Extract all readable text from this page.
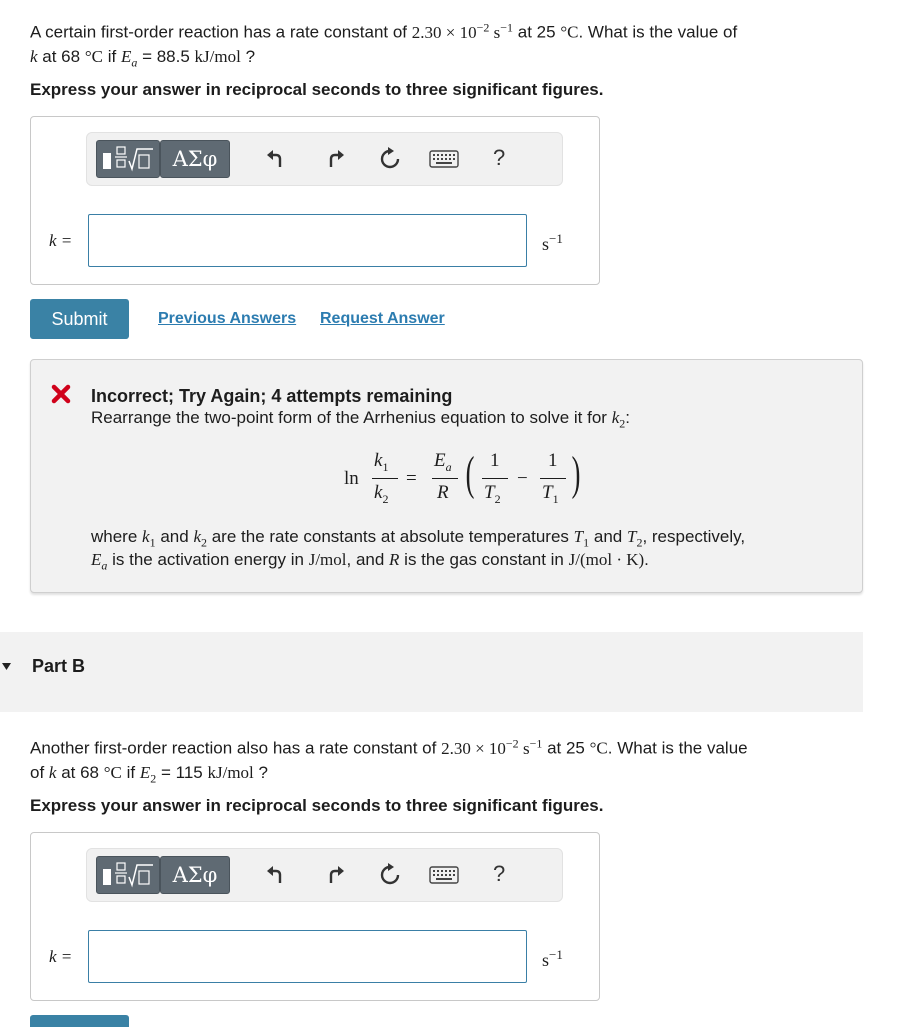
A certain first-order reaction has a rate constant of $2.30 \times 10^{-2}$ $s^{-1}$ at 25 °C. What is the value of
k at 68 °C if $E_a = 88.5$ kJ/mol ?
Express your answer in reciprocal seconds to three significant figures.
ΑΣφ	?
k =	$s^{-1}$
Submit	Previous Answers Request Answer
Incorrect; Try Again; 4 attempts remaining
Rearrange the two-point form of the Arrhenius equation to solve it for $k_2$:
ln
$k_1$
$k_2$
=
$E_a$
R ( 1
$T_2$
−
1
$T_1$ )
where $k_1$ and $k_2$ are the rate constants at absolute temperatures $T_1$ and $T_2$, respectively,
$E_a$ is the activation energy in J/mol, and R is the gas constant in J/(mol · K).
Part B
Another first-order reaction also has a rate constant of $2.30 \times 10^{-2}$ $s^{-1}$ at 25 °C. What is the value
of k at 68 °C if $E_2 = 115$ kJ/mol ?
Express your answer in reciprocal seconds to three significant figures.
ΑΣφ	?
k =	$s^{-1}$
